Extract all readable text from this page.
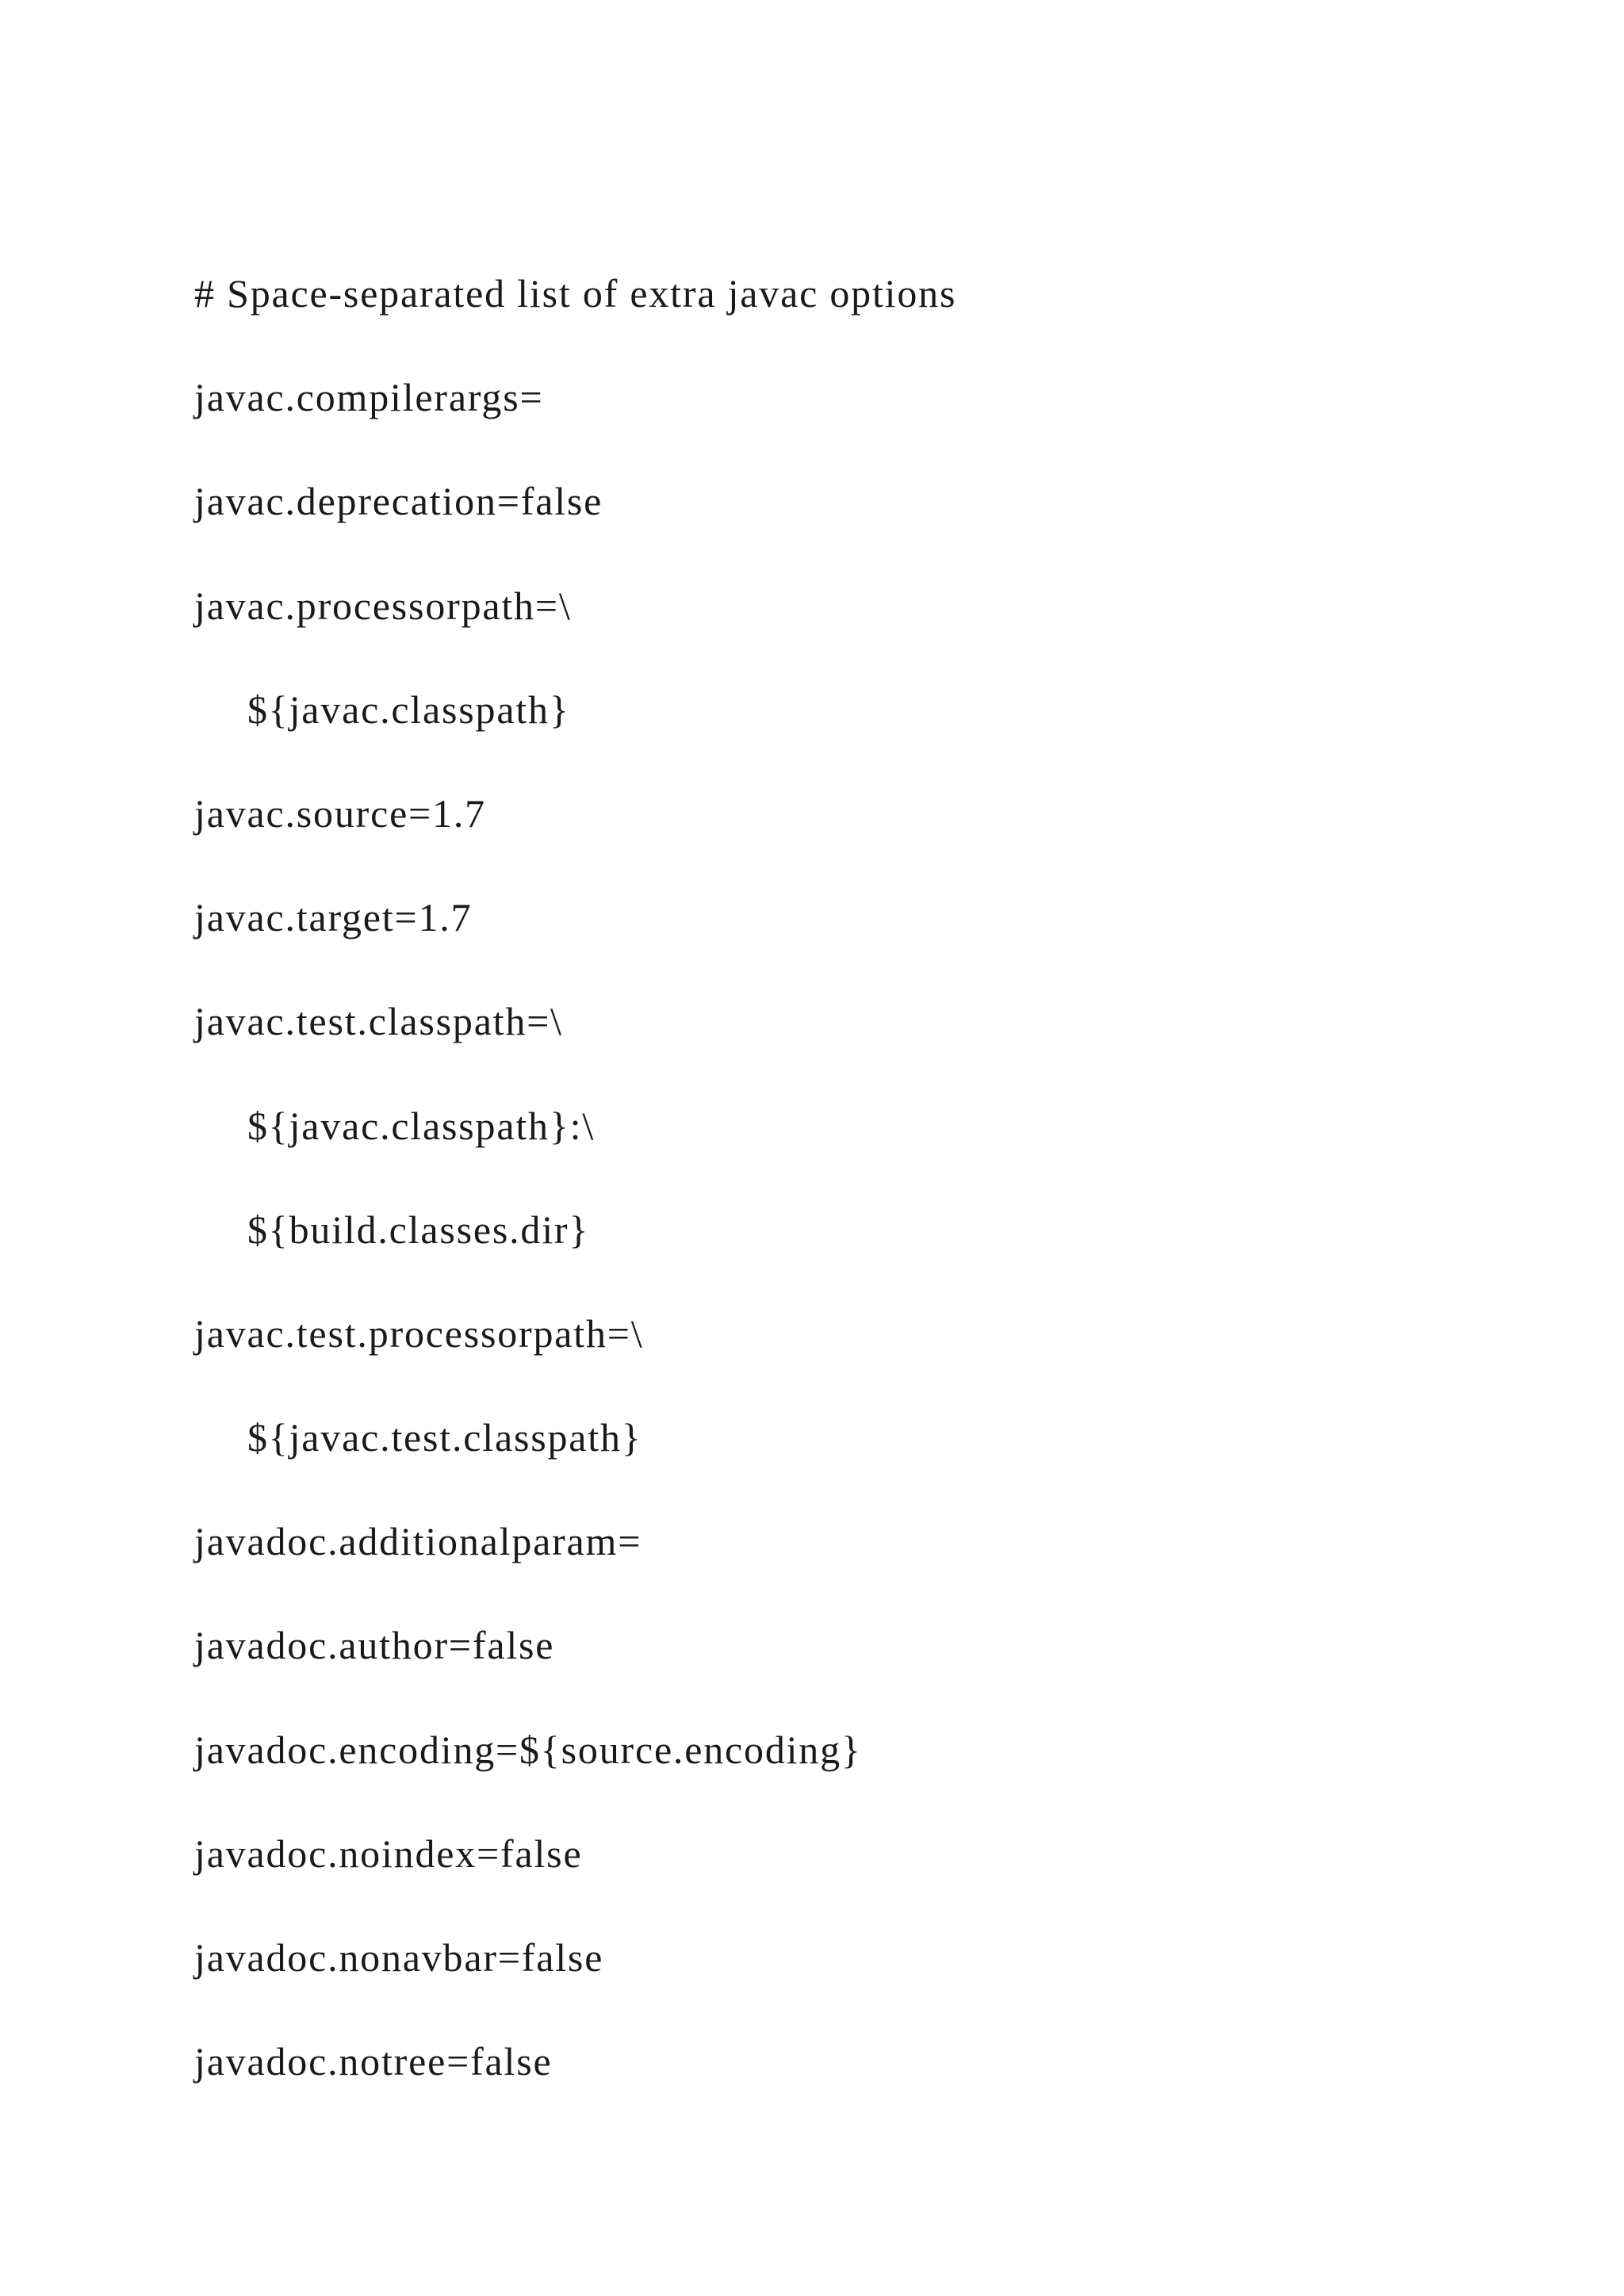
# Space-separated list of extra javac options
javac.compilerargs=
javac.deprecation=false
javac.processorpath=\
${javac.classpath}
javac.source=1.7
javac.target=1.7
javac.test.classpath=\
${javac.classpath}:\
${build.classes.dir}
javac.test.processorpath=\
${javac.test.classpath}
javadoc.additionalparam=
javadoc.author=false
javadoc.encoding=${source.encoding}
javadoc.noindex=false
javadoc.nonavbar=false
javadoc.notree=false
